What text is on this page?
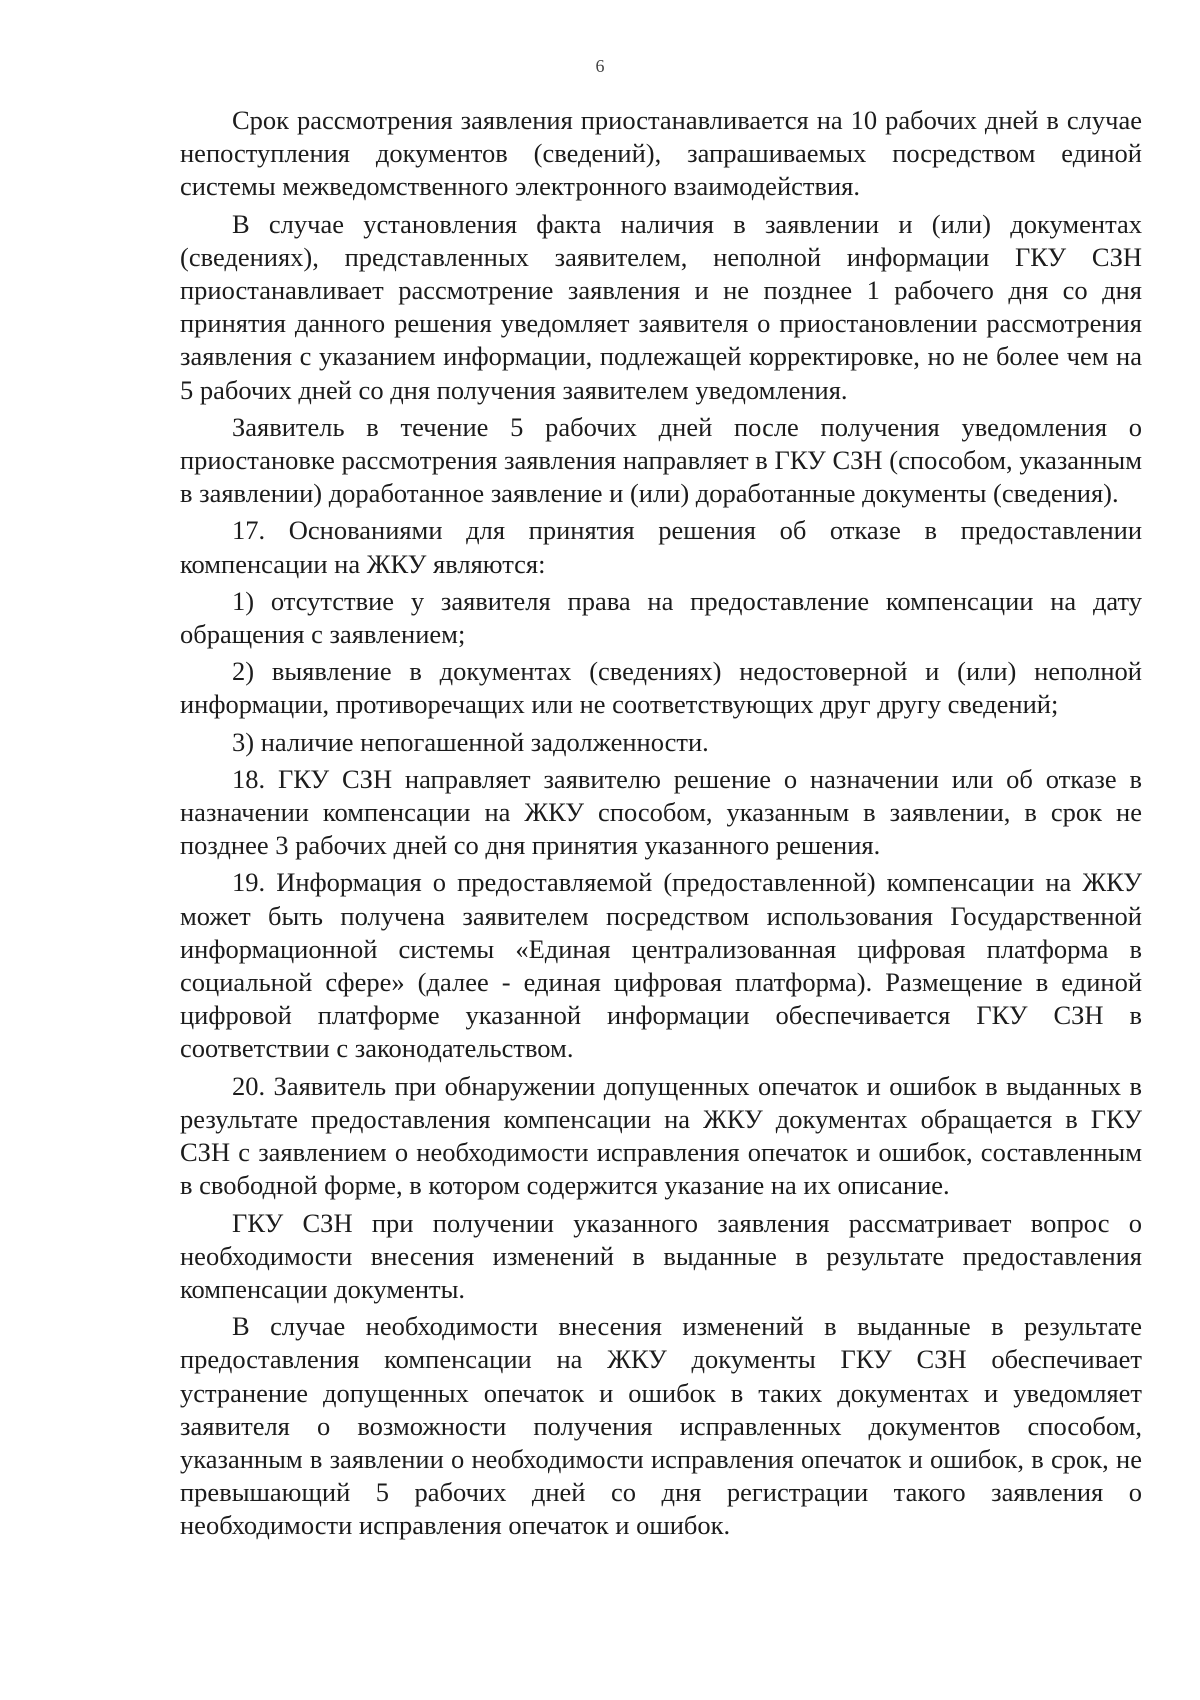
6

Срок рассмотрения заявления приостанавливается на 10 рабочих дней в случае непоступления документов (сведений), запрашиваемых посредством единой системы межведомственного электронного взаимодействия.

В случае установления факта наличия в заявлении и (или) документах (сведениях), представленных заявителем, неполной информации ГКУ СЗН приостанавливает рассмотрение заявления и не позднее 1 рабочего дня со дня принятия данного решения уведомляет заявителя о приостановлении рассмотрения заявления с указанием информации, подлежащей корректировке, но не более чем на 5 рабочих дней со дня получения заявителем уведомления.

Заявитель в течение 5 рабочих дней после получения уведомления о приостановке рассмотрения заявления направляет в ГКУ СЗН (способом, указанным в заявлении) доработанное заявление и (или) доработанные документы (сведения).

17. Основаниями для принятия решения об отказе в предоставлении компенсации на ЖКУ являются:

1) отсутствие у заявителя права на предоставление компенсации на дату обращения с заявлением;

2) выявление в документах (сведениях) недостоверной и (или) неполной информации, противоречащих или не соответствующих друг другу сведений;

3) наличие непогашенной задолженности.

18. ГКУ СЗН направляет заявителю решение о назначении или об отказе в назначении компенсации на ЖКУ способом, указанным в заявлении, в срок не позднее 3 рабочих дней со дня принятия указанного решения.

19. Информация о предоставляемой (предоставленной) компенсации на ЖКУ может быть получена заявителем посредством использования Государственной информационной системы «Единая централизованная цифровая платформа в социальной сфере» (далее - единая цифровая платформа). Размещение в единой цифровой платформе указанной информации обеспечивается ГКУ СЗН в соответствии с законодательством.

20. Заявитель при обнаружении допущенных опечаток и ошибок в выданных в результате предоставления компенсации на ЖКУ документах обращается в ГКУ СЗН с заявлением о необходимости исправления опечаток и ошибок, составленным в свободной форме, в котором содержится указание на их описание.

ГКУ СЗН при получении указанного заявления рассматривает вопрос о необходимости внесения изменений в выданные в результате предоставления компенсации документы.

В случае необходимости внесения изменений в выданные в результате предоставления компенсации на ЖКУ документы ГКУ СЗН обеспечивает устранение допущенных опечаток и ошибок в таких документах и уведомляет заявителя о возможности получения исправленных документов способом, указанным в заявлении о необходимости исправления опечаток и ошибок, в срок, не превышающий 5 рабочих дней со дня регистрации такого заявления о необходимости исправления опечаток и ошибок.
